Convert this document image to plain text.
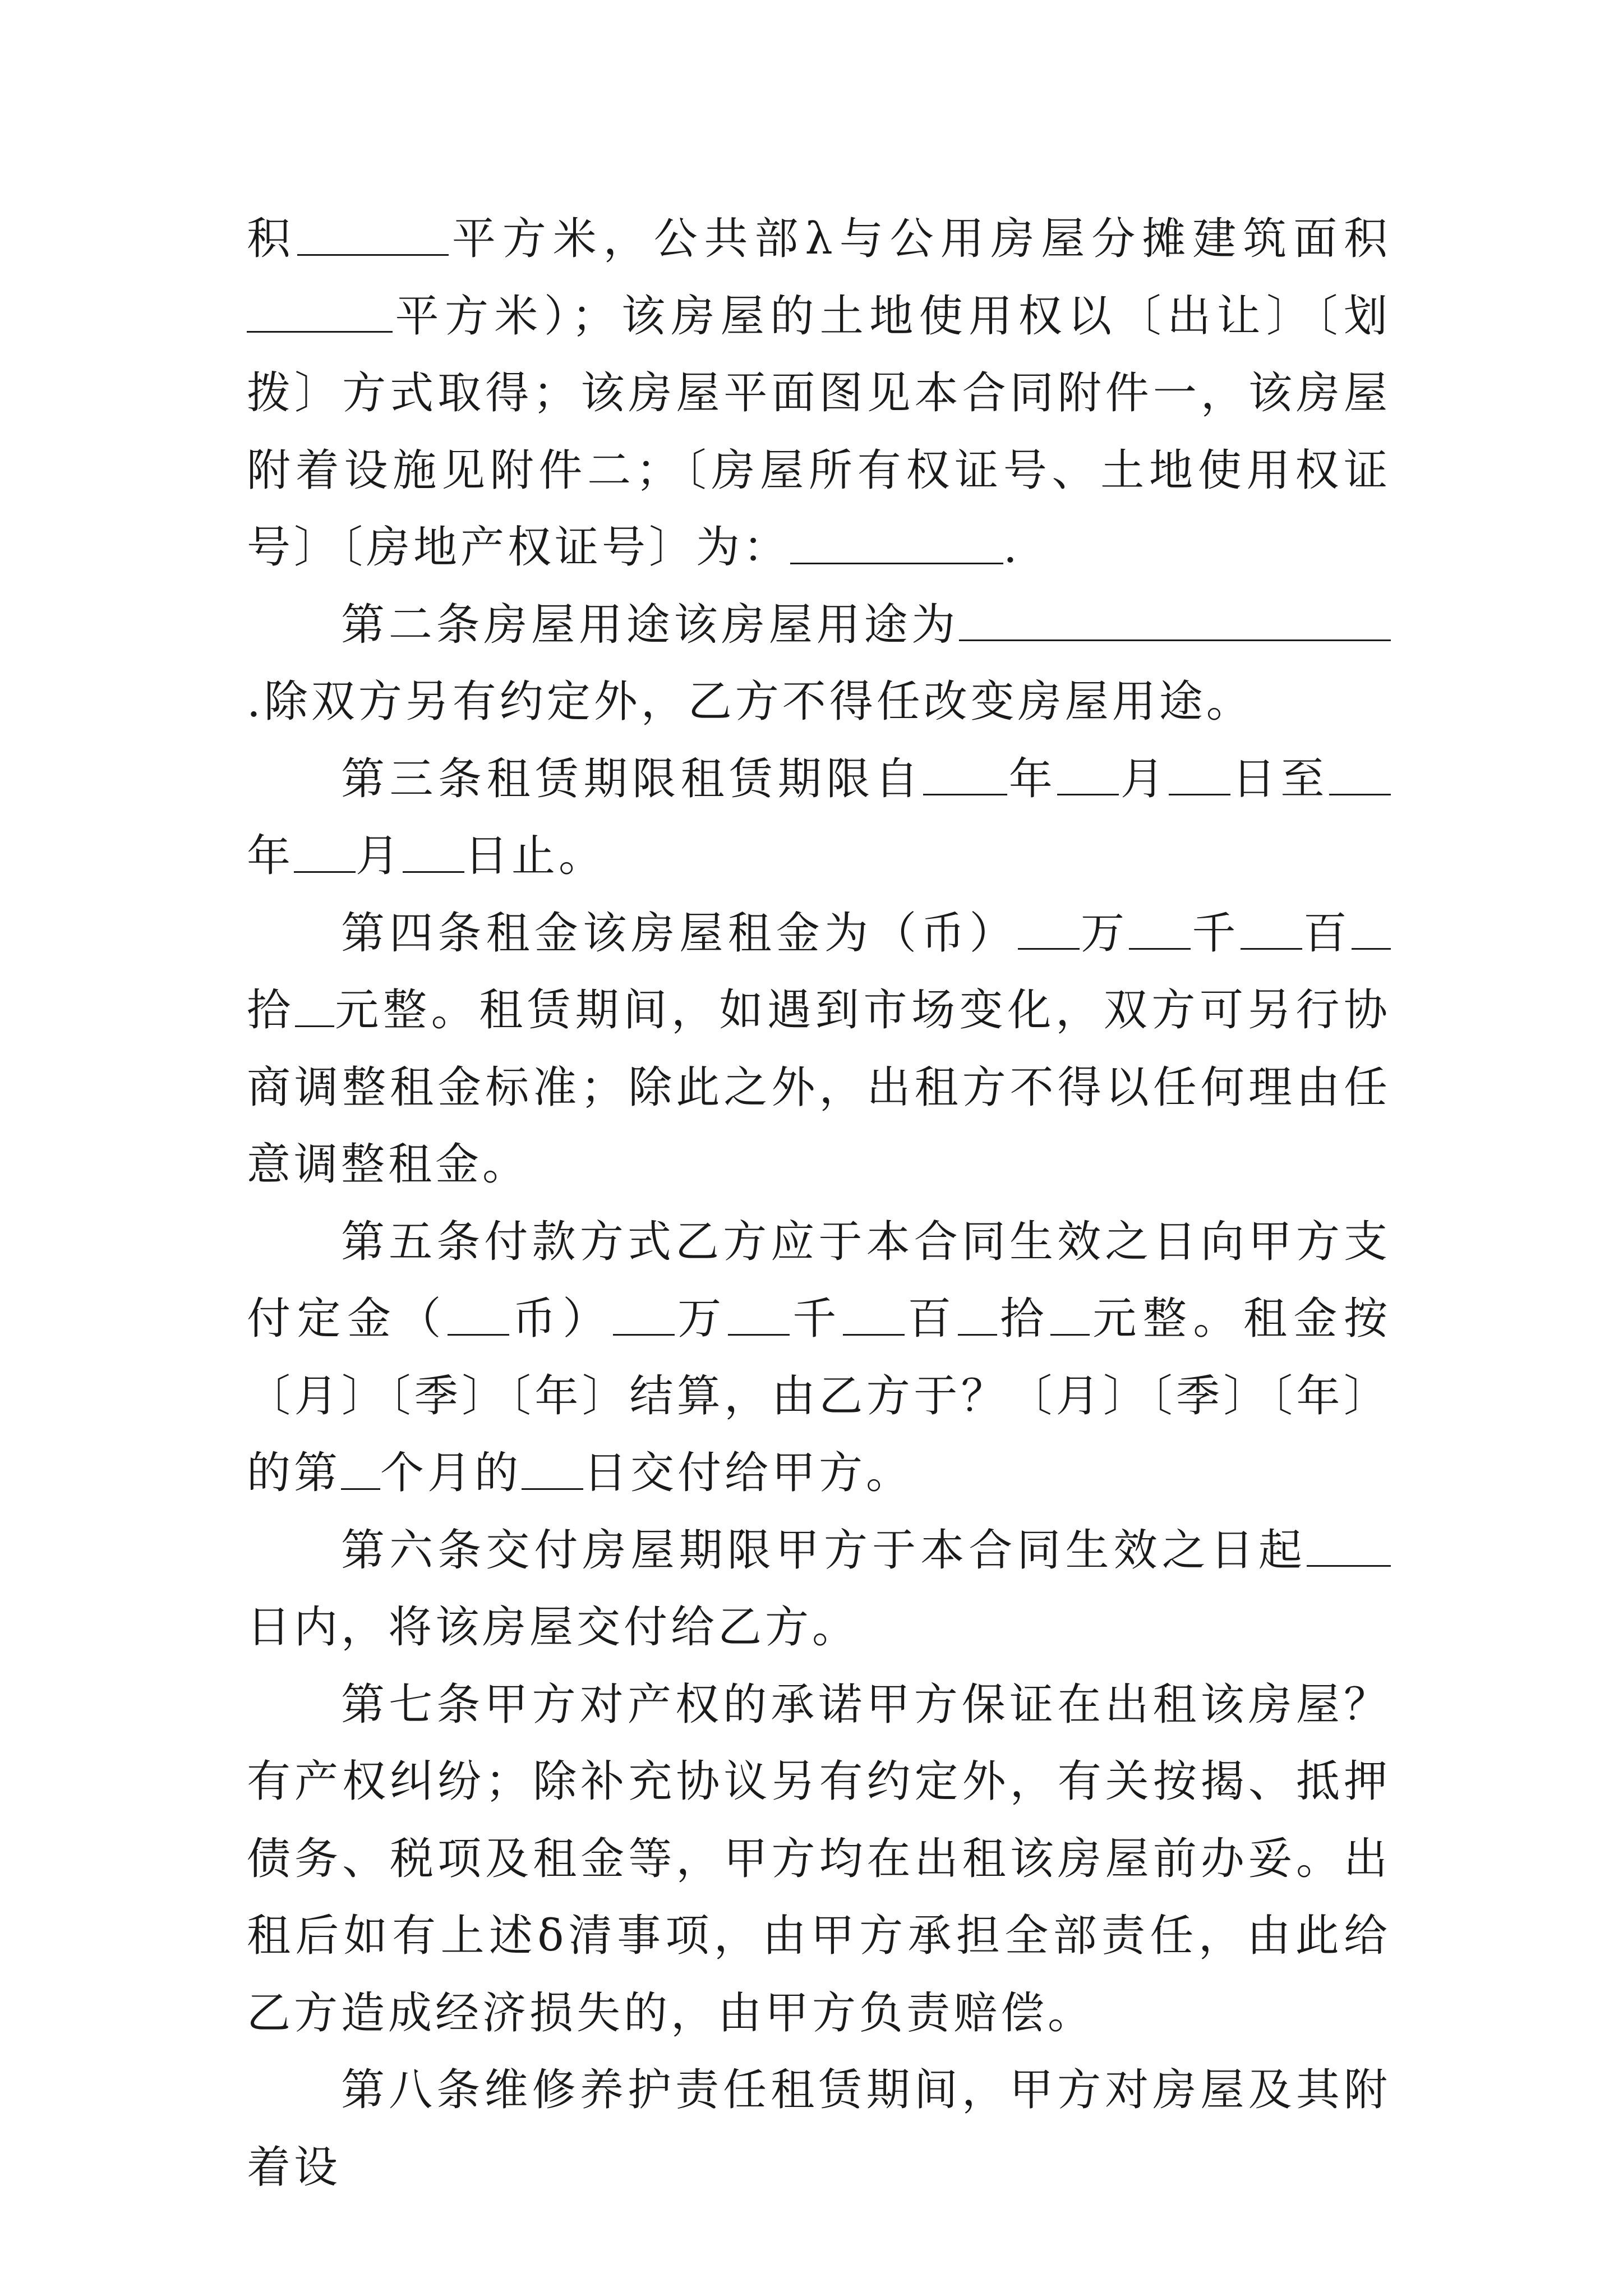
积	平方米，公共部λ与公用房屋分摊建筑面积平方米）；该房屋的土地使用权以〔出让〕〔划拨〕方式取得；该房屋平面图见本合同附件一，该房屋附着设施见附件二；〔房屋所有权证号、土地使用权证号〕〔房地产权证号〕为：	.

第二条房屋用途该房屋用途为.除双方另有约定外，乙方不得任改变房屋用途。

第三条租赁期限租赁期限自 年 月 日至年 月 日止。

第四条租金该房屋租金为（币） 万 千 百拾 元整。租赁期间，如遇到市场变化，双方可另行协商调整租金标准；除此之外，出租方不得以任何理由任意调整租金。

第五条付款方式乙方应于本合同生效之日向甲方支付定金（ 币） 万 千 百 拾 元整。租金按〔月〕〔季〕〔年〕结算，由乙方于？〔月〕〔季〕〔年〕的第 个月的 日交付给甲方。

第六条交付房屋期限甲方于本合同生效之日起日内，将该房屋交付给乙方。

第七条甲方对产权的承诺甲方保证在出租该房屋？有产权纠纷；除补充协议另有约定外，有关按揭、抵押债务、税项及租金等，甲方均在出租该房屋前办妥。出租后如有上述δ清事项，由甲方承担全部责任，由此给乙方造成经济损失的，由甲方负责赔偿。

第八条维修养护责任租赁期间，甲方对房屋及其附着设
